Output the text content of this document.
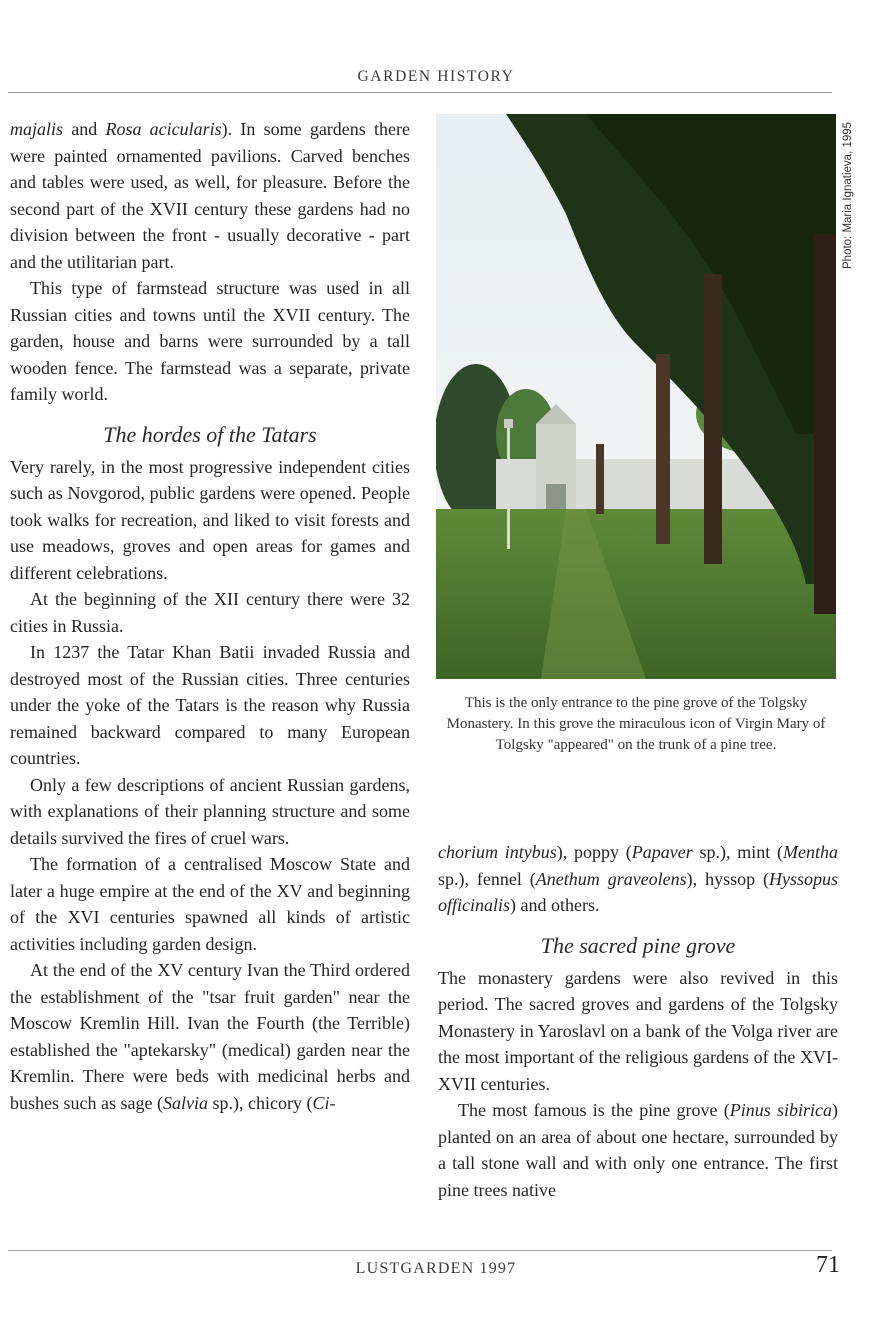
GARDEN HISTORY

majalis and Rosa acicularis). In some gardens there were painted ornamented pavilions. Carved benches and tables were used, as well, for pleasure. Before the second part of the XVII century these gardens had no division between the front - usually decorative - part and the utilitarian part.

This type of farmstead structure was used in all Russian cities and towns until the XVII century. The garden, house and barns were surrounded by a tall wooden fence. The farmstead was a separate, private family world.

The hordes of the Tatars

Very rarely, in the most progressive independent cities such as Novgorod, public gardens were opened. People took walks for recreation, and liked to visit forests and use meadows, groves and open areas for games and different celebrations.

At the beginning of the XII century there were 32 cities in Russia.

In 1237 the Tatar Khan Batii invaded Russia and destroyed most of the Russian cities. Three centuries under the yoke of the Tatars is the reason why Russia remained backward compared to many European countries.

Only a few descriptions of ancient Russian gardens, with explanations of their planning structure and some details survived the fires of cruel wars.

The formation of a centralised Moscow State and later a huge empire at the end of the XV and beginning of the XVI centuries spawned all kinds of artistic activities including garden design.

At the end of the XV century Ivan the Third ordered the establishment of the "tsar fruit garden" near the Moscow Kremlin Hill. Ivan the Fourth (the Terrible) established the "aptekarsky" (medical) garden near the Kremlin. There were beds with medicinal herbs and bushes such as sage (Salvia sp.), chicory (Ci-

Photo: Maria Ignatieva, 1995
This is the only entrance to the pine grove of the Tolgsky Monastery. In this grove the miraculous icon of Virgin Mary of Tolgsky "appeared" on the trunk of a pine tree.

chorium intybus), poppy (Papaver sp.), mint (Mentha sp.), fennel (Anethum graveolens), hyssop (Hyssopus officinalis) and others.

The sacred pine grove

The monastery gardens were also revived in this period. The sacred groves and gardens of the Tolgsky Monastery in Yaroslavl on a bank of the Volga river are the most important of the religious gardens of the XVI-XVII centuries.

The most famous is the pine grove (Pinus sibirica) planted on an area of about one hectare, surrounded by a tall stone wall and with only one entrance. The first pine trees native

LUSTGARDEN 1997	71
